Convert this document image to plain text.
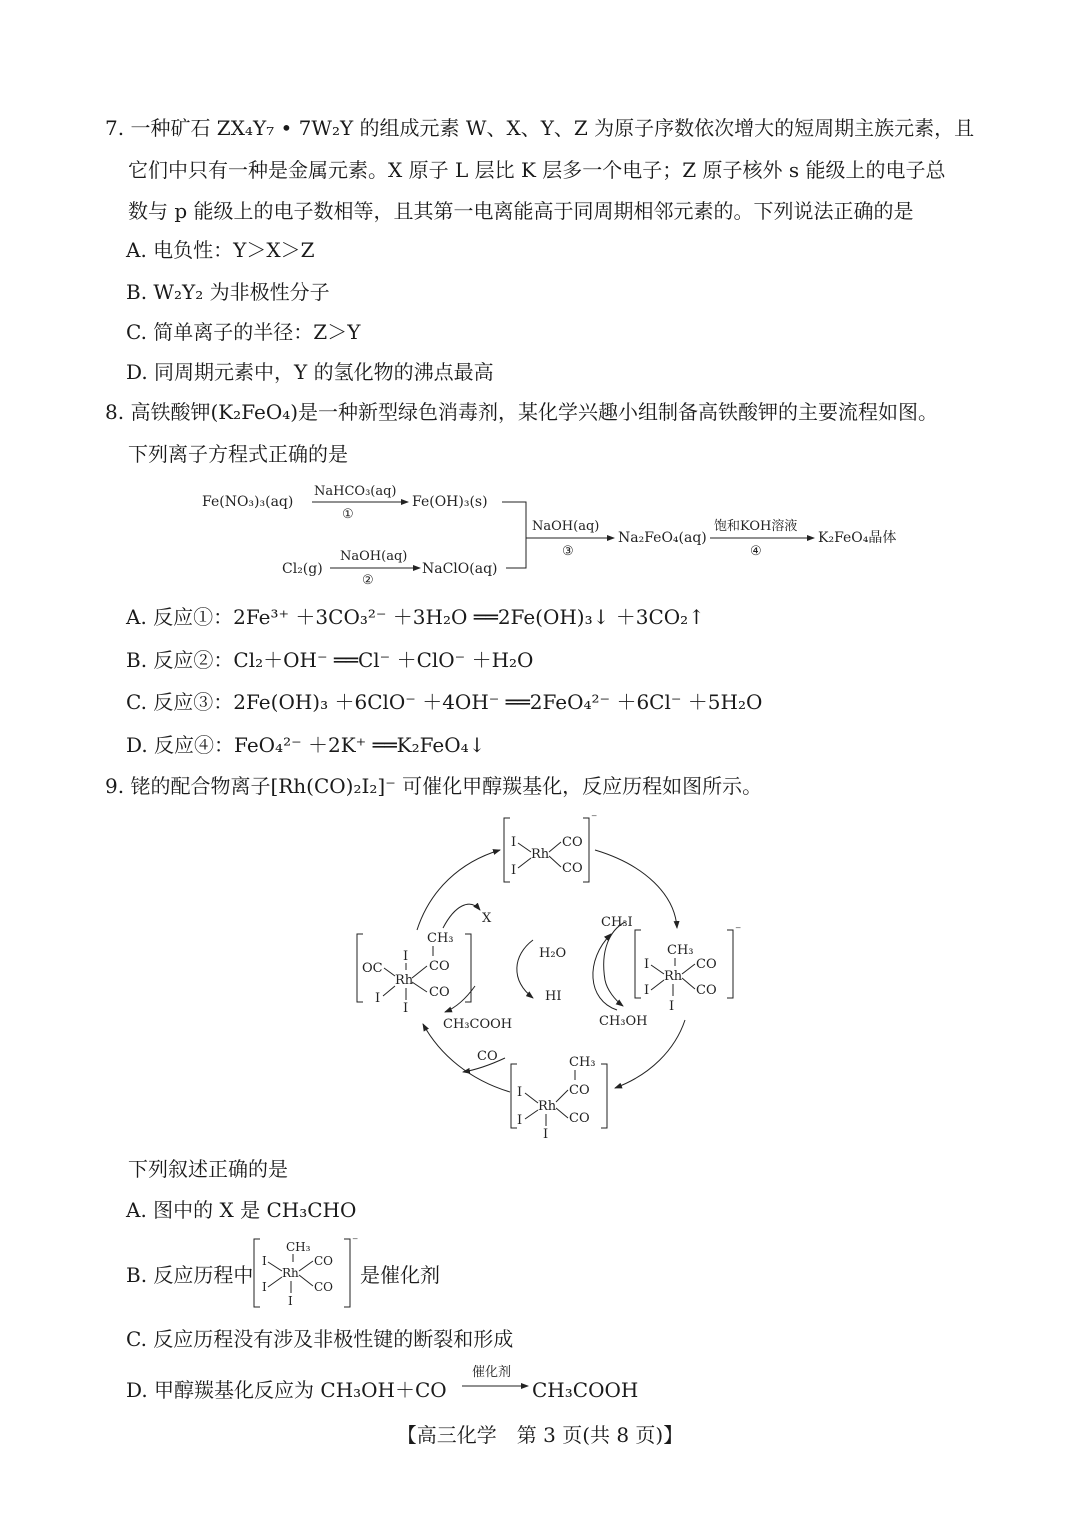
7. 一种矿石 ZX₄Y₇ • 7W₂Y 的组成元素 W、X、Y、Z 为原子序数依次增大的短周期主族元素，且
它们中只有一种是金属元素。X 原子 L 层比 K 层多一个电子；Z 原子核外 s 能级上的电子总
数与 p 能级上的电子数相等，且其第一电离能高于同周期相邻元素的。下列说法正确的是
A. 电负性：Y＞X＞Z
B. W₂Y₂ 为非极性分子
C. 简单离子的半径：Z＞Y
D. 同周期元素中，Y 的氢化物的沸点最高
8. 高铁酸钾(K₂FeO₄)是一种新型绿色消毒剂，某化学兴趣小组制备高铁酸钾的主要流程如图。
下列离子方程式正确的是
Fe(NO₃)₃(aq)
NaHCO₃(aq)
①
Fe(OH)₃(s)
Cl₂(g)
NaOH(aq)
②
NaClO(aq)
NaOH(aq)
③
Na₂FeO₄(aq)
饱和KOH溶液
④
K₂FeO₄晶体
A. 反应①：2Fe³⁺ ＋3CO₃²⁻ ＋3H₂O ══2Fe(OH)₃↓ ＋3CO₂↑
B. 反应②：Cl₂＋OH⁻ ══Cl⁻ ＋ClO⁻ ＋H₂O
C. 反应③：2Fe(OH)₃ ＋6ClO⁻ ＋4OH⁻ ══2FeO₄²⁻ ＋6Cl⁻ ＋5H₂O
D. 反应④：FeO₄²⁻ ＋2K⁺ ══K₂FeO₄↓
9. 铑的配合物离子[Rh(CO)₂I₂]⁻ 可催化甲醇羰基化，反应历程如图所示。
⁻
I
I
Rh
CO
CO
⁻
CH₃
I
I
Rh
CO
CO
I
OC
I
Rh
CH₃
CO
CO
I
I
CH₃
CO
I
I
Rh
CO
I
X	CH₃I
CH₃OH
H₂O
HI
CH₃COOH
CO
下列叙述正确的是
A. 图中的 X 是 CH₃CHO
B. 反应历程中
⁻
CH₃
I
I
Rh
CO
CO
I
是催化剂
C. 反应历程没有涉及非极性键的断裂和形成
D. 甲醇羰基化反应为 CH₃OH＋CO
催化剂
CH₃COOH
【高三化学　第 3 页(共 8 页)】
